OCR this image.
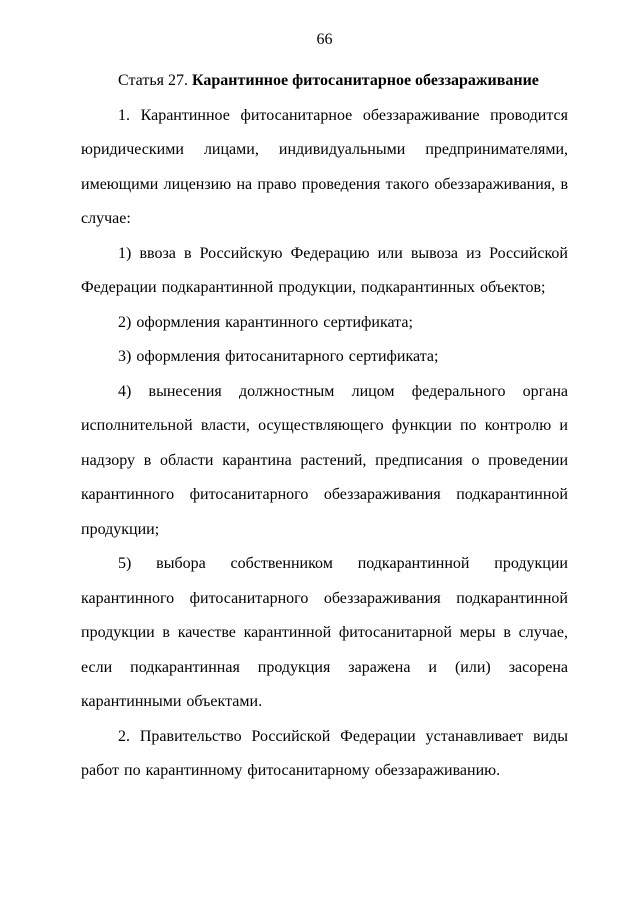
66
Статья 27. Карантинное фитосанитарное обеззараживание

1. Карантинное фитосанитарное обеззараживание проводится юридическими лицами, индивидуальными предпринимателями, имеющими лицензию на право проведения такого обеззараживания, в случае:

1) ввоза в Российскую Федерацию или вывоза из Российской Федерации подкарантинной продукции, подкарантинных объектов;

2) оформления карантинного сертификата;

3) оформления фитосанитарного сертификата;

4) вынесения должностным лицом федерального органа исполнительной власти, осуществляющего функции по контролю и надзору в области карантина растений, предписания о проведении карантинного фитосанитарного обеззараживания подкарантинной продукции;

5) выбора собственником подкарантинной продукции карантинного фитосанитарного обеззараживания подкарантинной продукции в качестве карантинной фитосанитарной меры в случае, если подкарантинная продукция заражена и (или) засорена карантинными объектами.

2. Правительство Российской Федерации устанавливает виды работ по карантинному фитосанитарному обеззараживанию.
